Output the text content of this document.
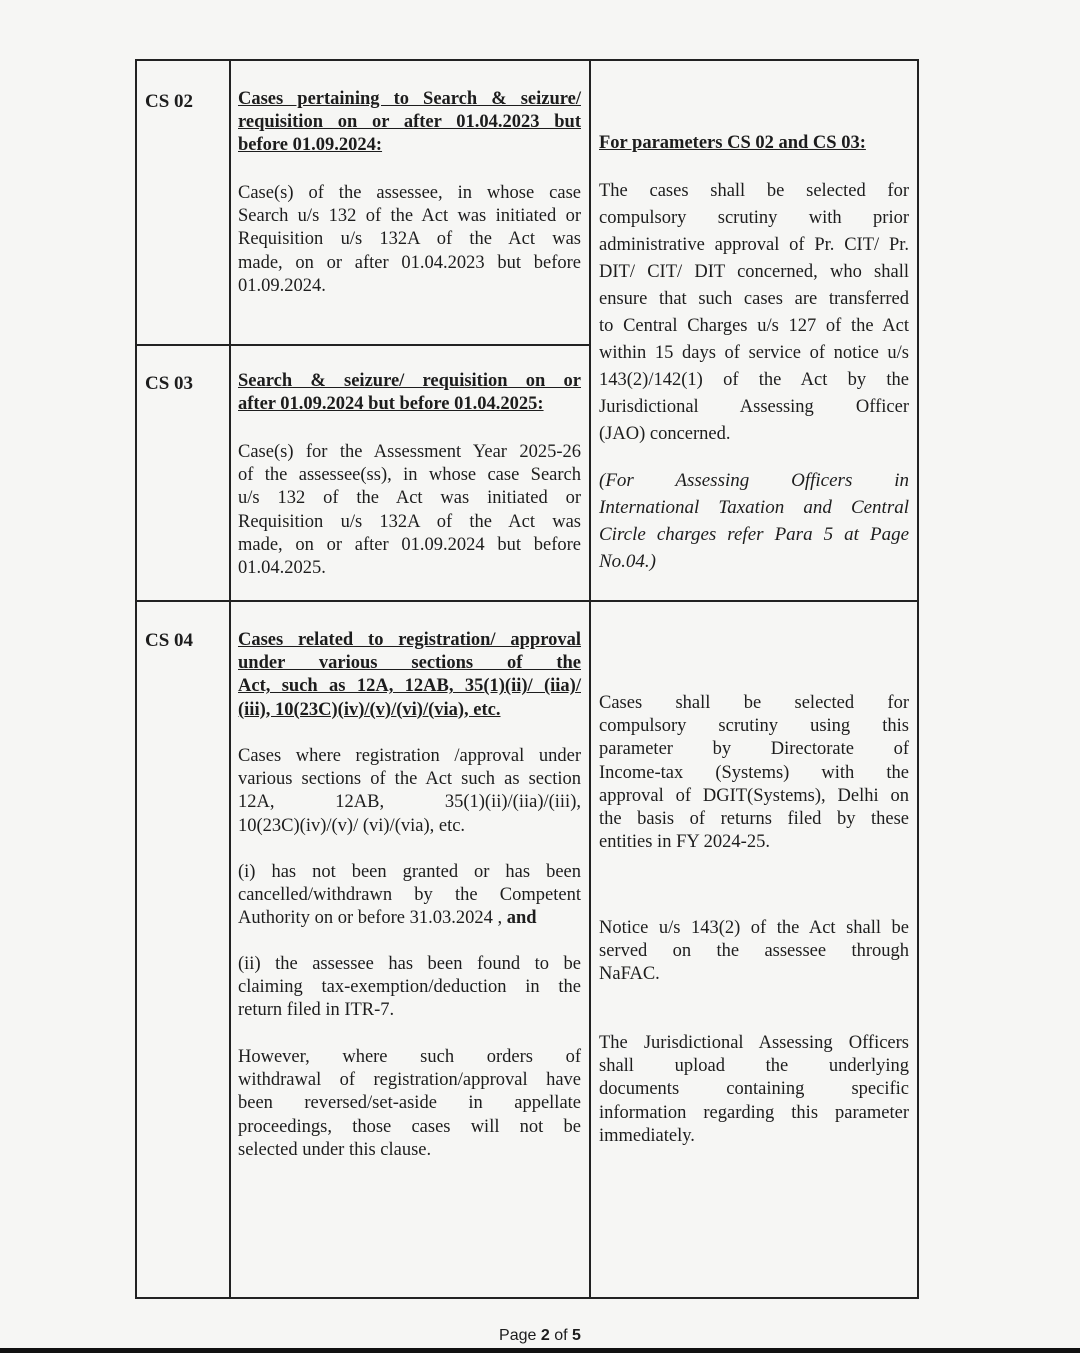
CS 02 Cases pertaining to Search & seizure/
requisition on or after 01.04.2023 but
before 01.09.2024:

Case(s) of the assessee, in whose case

Search u/s 132 of the Act was initiated or

Requisition u/s 132A of the Act was

made, on or after 01.04.2023 but before

01.09.2024.

CS 03 Search & seizure/ requisition on or
after 01.09.2024 but before 01.04.2025:

Case(s) for the Assessment Year 2025-26

of the assessee(ss), in whose case Search

u/s 132 of the Act was initiated or

Requisition u/s 132A of the Act was

made, on or after 01.09.2024 but before

01.04.2025.

For parameters CS 02 and CS 03:

The cases shall be selected for

compulsory scrutiny with prior

administrative approval of Pr. CIT/ Pr.

DIT/ CIT/ DIT concerned, who shall

ensure that such cases are transferred

to Central Charges u/s 127 of the Act

within 15 days of service of notice u/s

143(2)/142(1) of the Act by the

Jurisdictional Assessing Officer

(JAO) concerned.

(For Assessing Officers in

International Taxation and Central

Circle charges refer Para 5 at Page

No.04.)

CS 04 Cases related to registration/ approval
under various sections of the
Act, such as 12A, 12AB, 35(1)(ii)/ (iia)/
(iii), 10(23C)(iv)/(v)/(vi)/(via), etc.

Cases where registration /approval under

various sections of the Act such as section

12A, 12AB, 35(1)(ii)/(iia)/(iii),

10(23C)(iv)/(v)/ (vi)/(via), etc.

(i) has not been granted or has been

cancelled/withdrawn by the Competent

Authority on or before 31.03.2024 , and

(ii) the assessee has been found to be

claiming tax-exemption/deduction in the

return filed in ITR-7.

However, where such orders of

withdrawal of registration/approval have

been reversed/set-aside in appellate

proceedings, those cases will not be

selected under this clause.

Cases shall be selected for

compulsory scrutiny using this

parameter by Directorate of

Income-tax (Systems) with the

approval of DGIT(Systems), Delhi on

the basis of returns filed by these

entities in FY 2024-25.

Notice u/s 143(2) of the Act shall be

served on the assessee through

NaFAC.

The Jurisdictional Assessing Officers

shall upload the underlying

documents containing specific

information regarding this parameter

immediately.

Page 2 of 5
